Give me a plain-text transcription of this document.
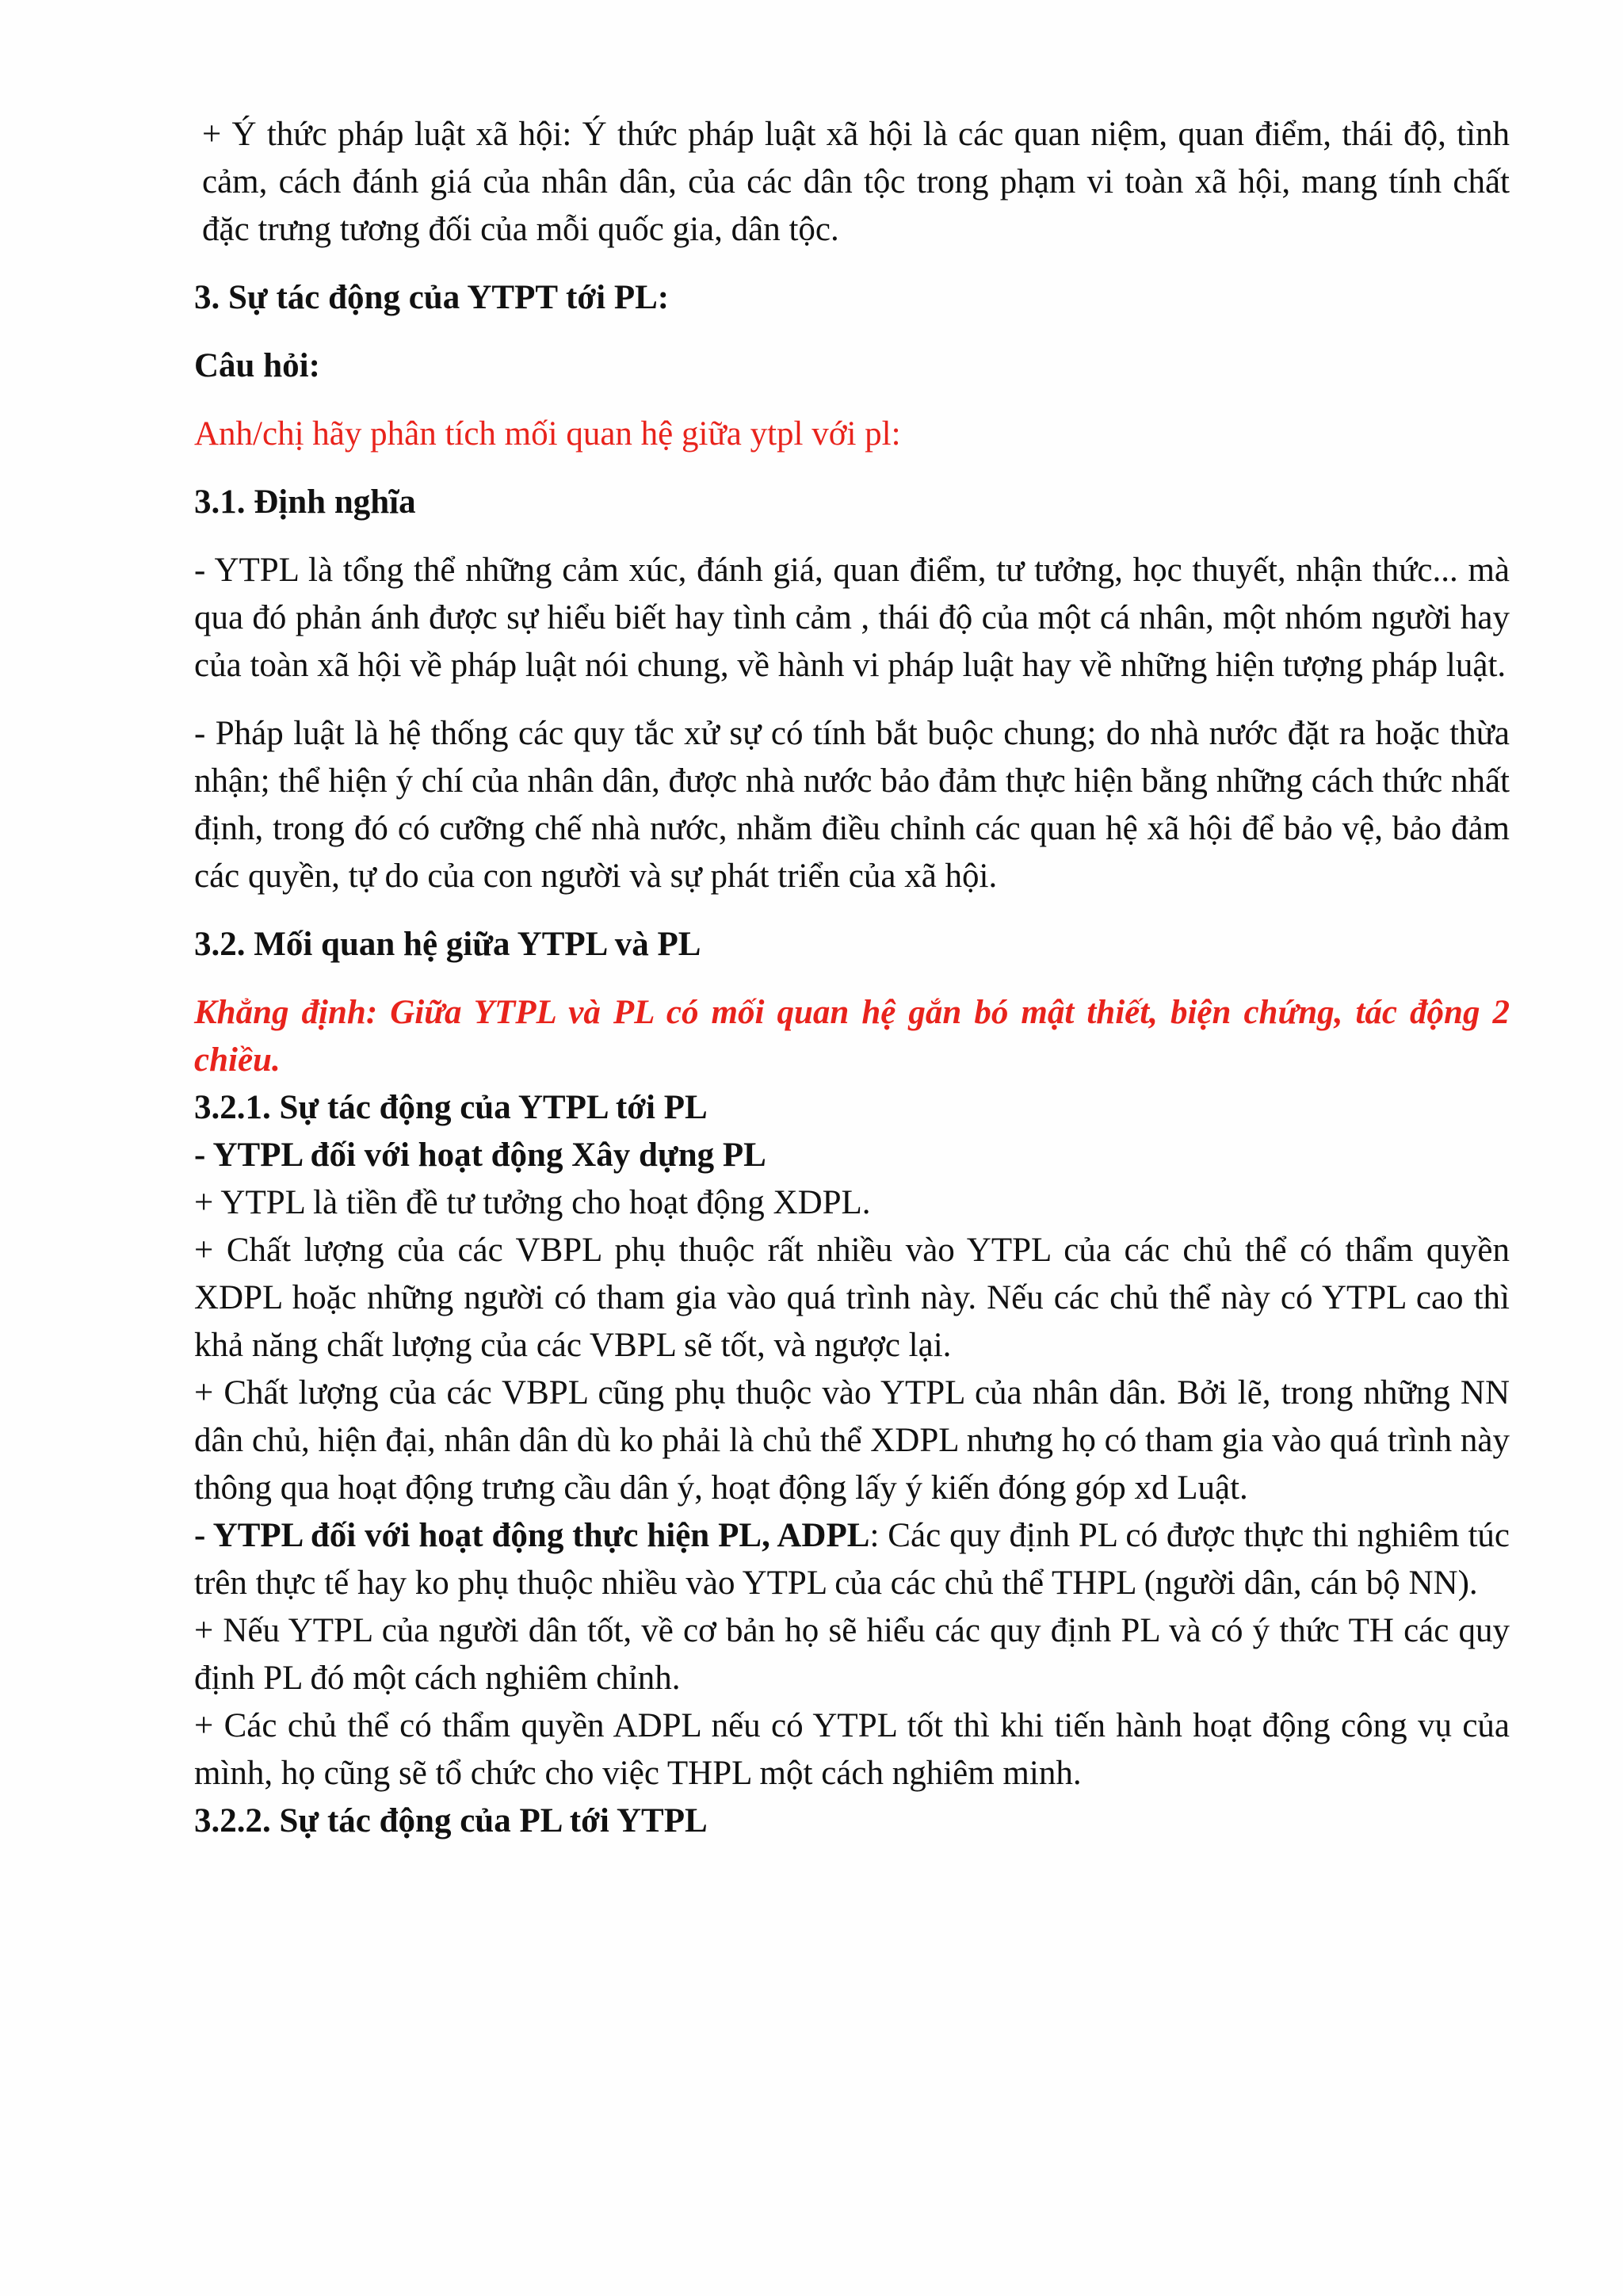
+ Ý thức pháp luật xã hội: Ý thức pháp luật xã hội là các quan niệm, quan điểm, thái độ, tình cảm, cách đánh giá của nhân dân, của các dân tộc trong phạm vi toàn xã hội, mang tính chất đặc trưng tương đối của mỗi quốc gia, dân tộc.

3. Sự tác động của YTPT tới PL:

Câu hỏi:

Anh/chị hãy phân tích mối quan hệ giữa ytpl với pl:

3.1. Định nghĩa

- YTPL là tổng thể những cảm xúc, đánh giá, quan điểm, tư tưởng, học thuyết, nhận thức... mà qua đó phản ánh được sự hiểu biết hay tình cảm , thái độ của một cá nhân, một nhóm người hay của toàn xã hội về pháp luật nói chung, về hành vi pháp luật hay về những hiện tượng pháp luật.

- Pháp luật là hệ thống các quy tắc xử sự có tính bắt buộc chung; do nhà nước đặt ra hoặc thừa nhận; thể hiện ý chí của nhân dân, được nhà nước bảo đảm thực hiện bằng những cách thức nhất định, trong đó có cưỡng chế nhà nước, nhằm điều chỉnh các quan hệ xã hội để bảo vệ, bảo đảm các quyền, tự do của con người và sự phát triển của xã hội.

3.2. Mối quan hệ giữa YTPL và PL

Khẳng định: Giữa YTPL và PL có mối quan hệ gắn bó mật thiết, biện chứng, tác động 2 chiều.

3.2.1. Sự tác động của YTPL tới PL

- YTPL đối với hoạt động Xây dựng PL

+ YTPL là tiền đề tư tưởng cho hoạt động XDPL.

+ Chất lượng của các VBPL phụ thuộc rất nhiều vào YTPL của các chủ thể có thẩm quyền XDPL hoặc những người có tham gia vào quá trình này. Nếu các chủ thể này có YTPL cao thì khả năng chất lượng của các VBPL sẽ tốt, và ngược lại.

+ Chất lượng của các VBPL cũng phụ thuộc vào YTPL của nhân dân. Bởi lẽ, trong những NN dân chủ, hiện đại, nhân dân dù ko phải là chủ thể XDPL nhưng họ có tham gia vào quá trình này thông qua hoạt động trưng cầu dân ý, hoạt động lấy ý kiến đóng góp xd Luật.

- YTPL đối với hoạt động thực hiện PL, ADPL: Các quy định PL có được thực thi nghiêm túc trên thực tế hay ko phụ thuộc nhiều vào YTPL của các chủ thể THPL (người dân, cán bộ NN).

+ Nếu YTPL của người dân tốt, về cơ bản họ sẽ hiểu các quy định PL và có ý thức TH các quy định PL đó một cách nghiêm chỉnh.

+ Các chủ thể có thẩm quyền ADPL nếu có YTPL tốt thì khi tiến hành hoạt động công vụ của mình, họ cũng sẽ tổ chức cho việc THPL một cách nghiêm minh.

3.2.2. Sự tác động của PL tới YTPL
